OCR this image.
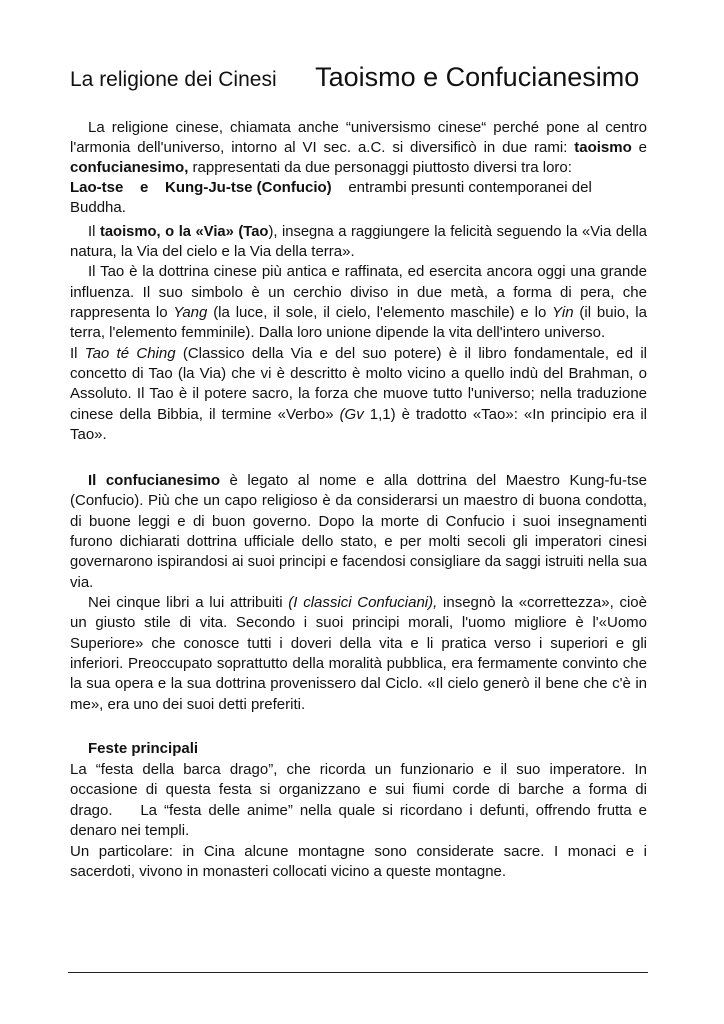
La religione dei Cinesi Taoismo e Confucianesimo
La religione cinese, chiamata anche “universismo cinese“ perché pone al centro
l'armonia dell'universo, intorno al VI sec. a.C. si diversificò in due rami: taoismo e
confucianesimo, rappresentati da due personaggi piuttosto diversi tra loro:
Lao-tse    e    Kung-Ju-tse (Confucio)    entrambi presunti contemporanei del Buddha.
Il taoismo, o la «Via» (Tao), insegna a raggiungere la felicità seguendo la «Via della
natura, la Via del cielo e la Via della terra».
Il Tao è la dottrina cinese più antica e raffinata, ed esercita ancora oggi una grande
influenza. Il suo simbolo è un cerchio diviso in due metà, a forma di pera, che
rappresenta lo Yang (la luce, il sole, il cielo, l'elemento maschile) e lo Yin (il buio, la
terra, l'elemento femminile). Dalla loro unione dipende la vita dell'intero universo.
Il Tao té Ching (Classico della Via e del suo potere) è il libro fondamentale, ed il
concetto di Tao (la Via) che vi è descritto è molto vicino a quello indù del Brahman, o
Assoluto. Il Tao è il potere sacro, la forza che muove tutto l'universo; nella traduzione
cinese della Bibbia, il termine «Verbo» (Gv 1,1) è tradotto «Tao»: «In principio era il
Tao».
Il confucianesimo è legato al nome e alla dottrina del Maestro Kung-fu-tse
(Confucio). Più che un capo religioso è da considerarsi un maestro di buona condotta,
di buone leggi e di buon governo. Dopo la morte di Confucio i suoi insegnamenti
furono dichiarati dottrina ufficiale dello stato, e per molti secoli gli imperatori cinesi
governarono ispirandosi ai suoi principi e facendosi consigliare da saggi istruiti nella sua
via.
Nei cinque libri a lui attribuiti (I classici Confuciani), insegnò la «correttezza», cioè
un giusto stile di vita. Secondo i suoi principi morali, l'uomo migliore è l'«Uomo
Superiore» che conosce tutti i doveri della vita e li pratica verso i superiori e gli
inferiori. Preoccupato soprattutto della moralità pubblica, era fermamente convinto che
la sua opera e la sua dottrina provenissero dal Ciclo. «Il cielo generò il bene che c'è in
me», era uno dei suoi detti preferiti.
Feste principali
La “festa della barca drago”, che ricorda un funzionario e il suo imperatore. In
occasione di questa festa si organizzano e sui fiumi corde di barche a forma di
drago.    La “festa delle anime” nella quale si ricordano i defunti, offrendo frutta e
denaro nei templi.
Un particolare: in Cina alcune montagne sono considerate sacre. I monaci e i
sacerdoti, vivono in monasteri collocati vicino a queste montagne.
